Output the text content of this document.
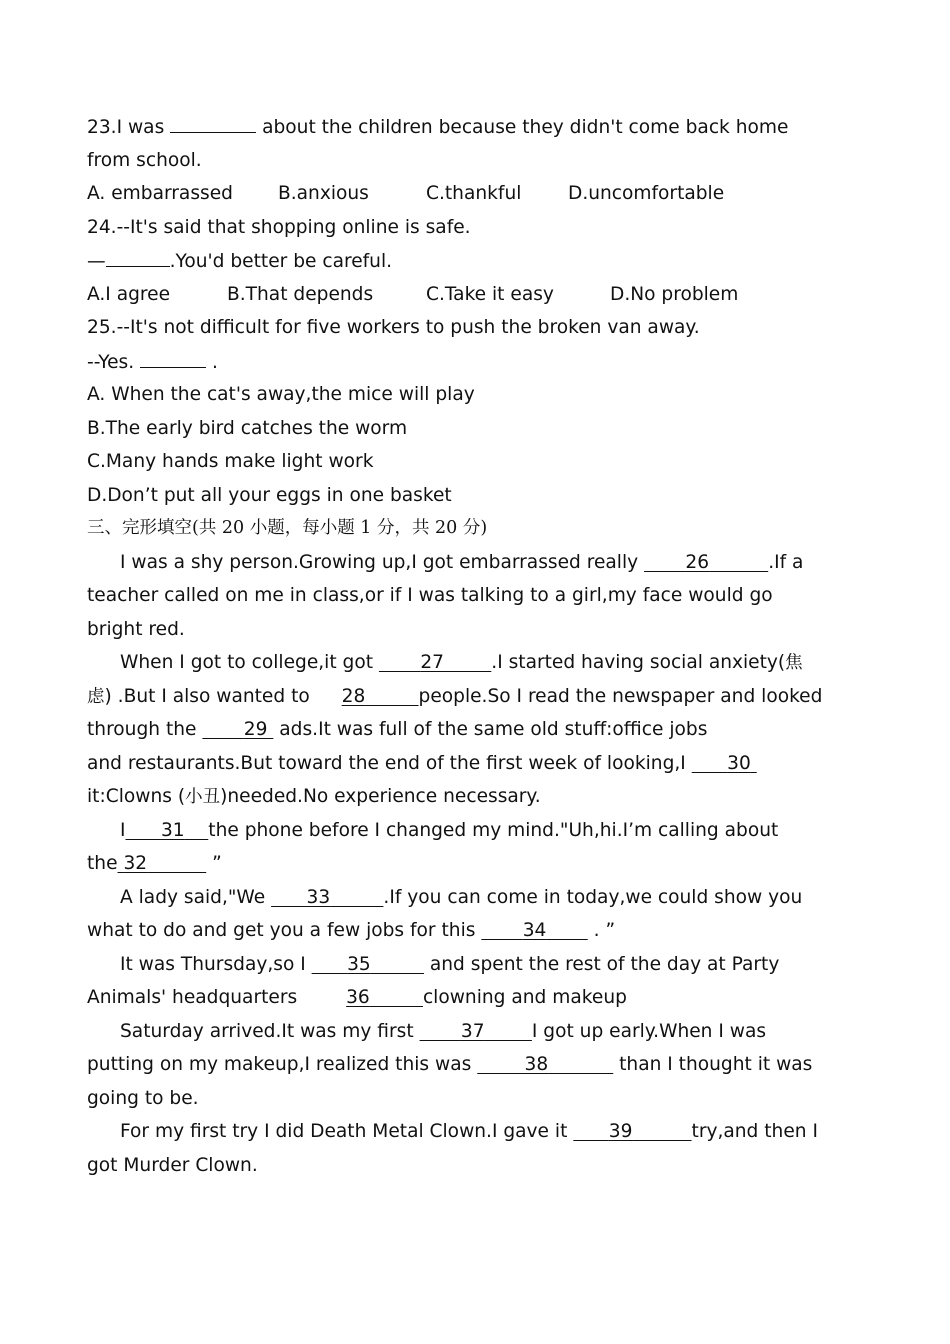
23.I was	about the children because they didn't come back home
from school.
A. embarrassed B.anxious	C.thankful	D.uncomfortable
24.--It's said that shopping online is safe.
—	.You'd better be careful.
A.I agree	B.That depends	C.Take it easy	D.No problem
25.--It's not difficult for five workers to push the broken van away.
--Yes.	.
A. When the cat's away,the mice will play
B.The early bird catches the worm
C.Many hands make light work
D.Don’t put all your eggs in one basket
三、完形填空(共 20 小题，每小题 1 分，共 20 分)
I was a shy person.Growing up,I got embarrassed really        26	.If a
teacher called on me in class,or if I was talking to a girl,my face would go
bright red.
When I got to college,it got        27	.I started having social anxiety(焦
虑) .But I also wanted to 28	people.So I read the newspaper and looked
through the        29  ads.It was full of the same old stuff:office jobs
and restaurants.But toward the end of the first week of looking,I       30
it:Clowns (小丑)needed.No experience necessary.
I 31 the phone before I changed my mind."Uh,hi.I’m calling about
the 32	”
A lady said,"We       33	.If you can come in today,we could show you
what to do and get you a few jobs for this        34        . ”
It was Thursday,so I       35	and spent the rest of the day at Party
Animals' headquarters 36	clowning and makeup
Saturday arrived.It was my first        37	I got up early.When I was
putting on my makeup,I realized this was	38	than I thought it was
going to be.
For my first try I did Death Metal Clown.I gave it       39	try,and then I
got Murder Clown.
